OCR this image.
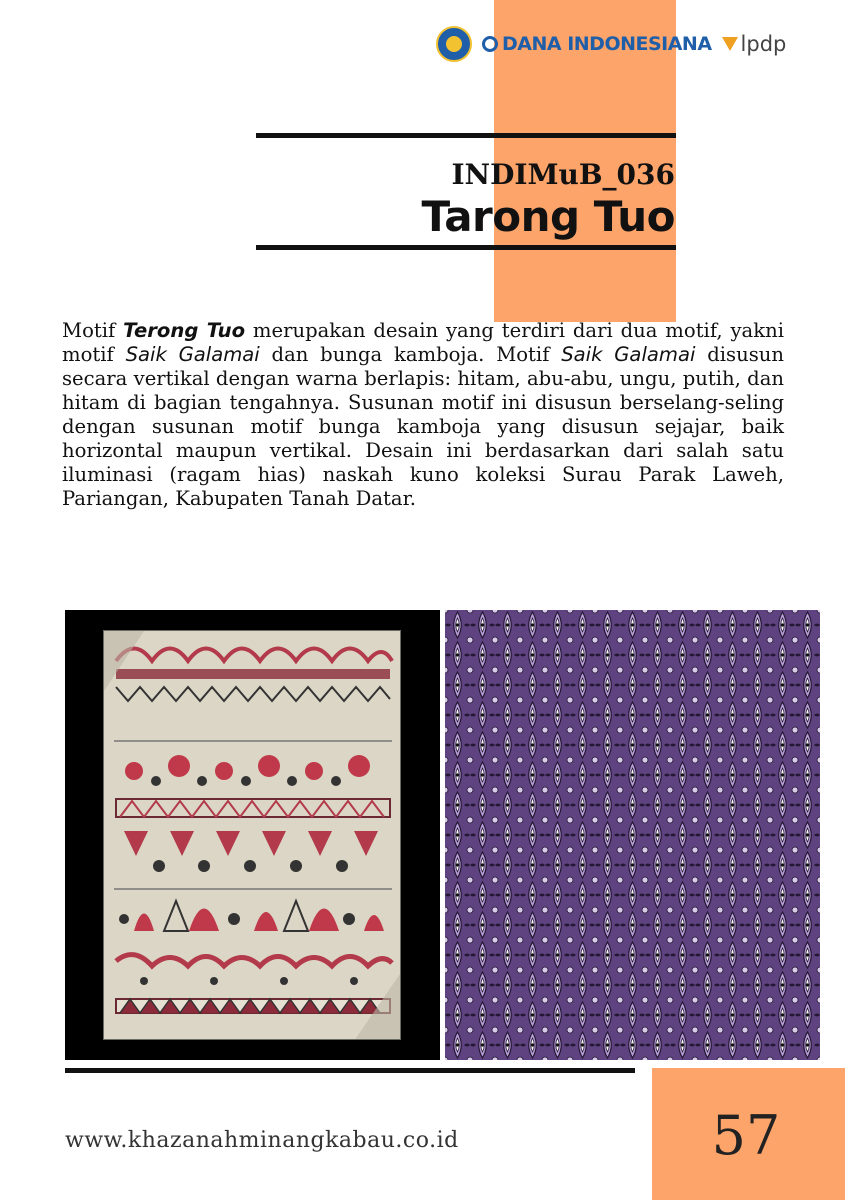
DANA INDONESIANA lpdp
INDIMuB_036
Tarong Tuo
Motif Terong Tuo merupakan desain yang terdiri dari dua motif, yakni motif Saik Galamai dan bunga kamboja. Motif Saik Galamai disusun secara vertikal dengan warna berlapis: hitam, abu-abu, ungu, putih, dan hitam di bagian tengahnya. Susunan motif ini disusun berselang-seling dengan susunan motif bunga kamboja yang disusun sejajar, baik horizontal maupun vertikal. Desain ini berdasarkan dari salah satu iluminasi (ragam hias) naskah kuno koleksi Surau Parak Laweh, Pariangan, Kabupaten Tanah Datar.
www.khazanahminangkabau.co.id	57
